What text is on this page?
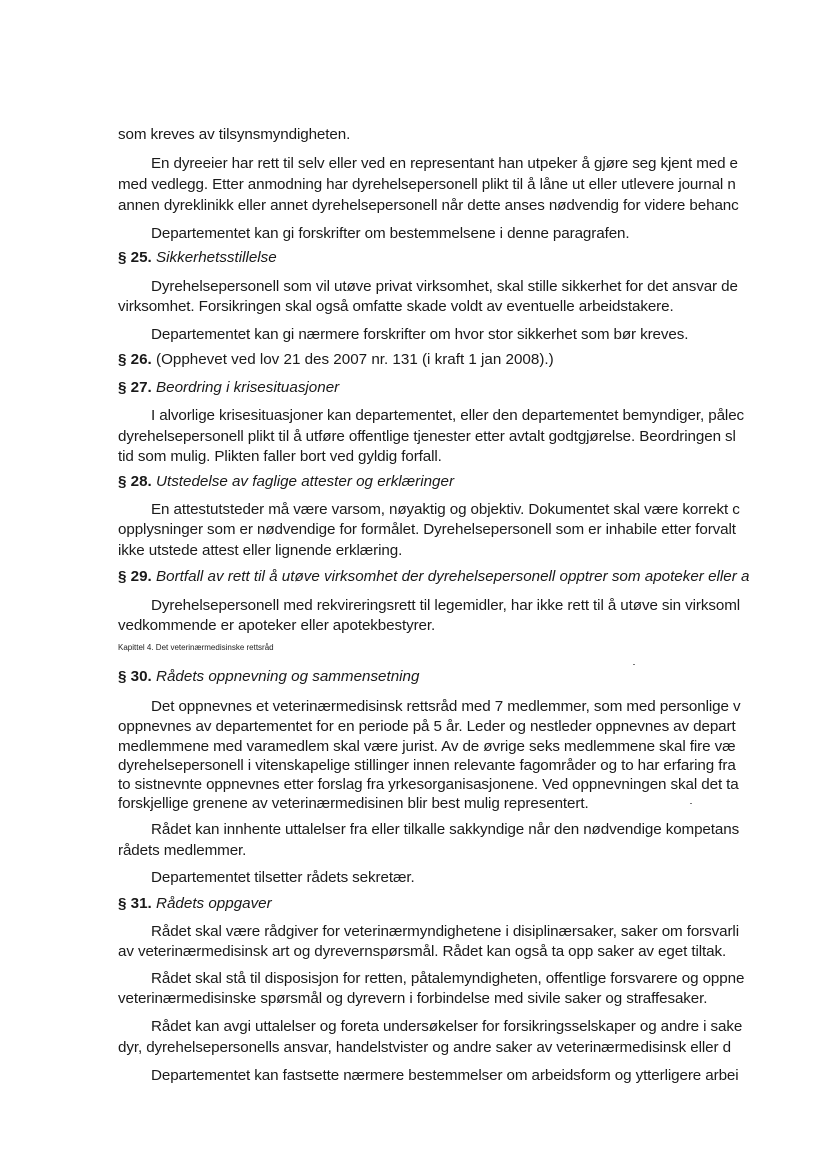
som kreves av tilsynsmyndigheten.
En dyreeier har rett til selv eller ved en representant han utpeker å gjøre seg kjent med e
med vedlegg. Etter anmodning har dyrehelsepersonell plikt til å låne ut eller utlevere journal n
annen dyreklinikk eller annet dyrehelsepersonell når dette anses nødvendig for videre behanc
Departementet kan gi forskrifter om bestemmelsene i denne paragrafen.
§ 25. Sikkerhetsstillelse
Dyrehelsepersonell som vil utøve privat virksomhet, skal stille sikkerhet for det ansvar de
virksomhet. Forsikringen skal også omfatte skade voldt av eventuelle arbeidstakere.
Departementet kan gi nærmere forskrifter om hvor stor sikkerhet som bør kreves.
§ 26. (Opphevet ved lov 21 des 2007 nr. 131 (i kraft 1 jan 2008).)
§ 27. Beordring i krisesituasjoner
I alvorlige krisesituasjoner kan departementet, eller den departementet bemyndiger, pålec
dyrehelsepersonell plikt til å utføre offentlige tjenester etter avtalt godtgjørelse. Beordringen sl
tid som mulig. Plikten faller bort ved gyldig forfall.
§ 28. Utstedelse av faglige attester og erklæringer
En attestutsteder må være varsom, nøyaktig og objektiv. Dokumentet skal være korrekt c
opplysninger som er nødvendige for formålet. Dyrehelsepersonell som er inhabile etter forvalt
ikke utstede attest eller lignende erklæring.
§ 29. Bortfall av rett til å utøve virksomhet der dyrehelsepersonell opptrer som apoteker eller a
Dyrehelsepersonell med rekvireringsrett til legemidler, har ikke rett til å utøve sin virksoml
vedkommende er apoteker eller apotekbestyrer.
Kapittel 4. Det veterinærmedisinske rettsråd
§ 30. Rådets oppnevning og sammensetning
Det oppnevnes et veterinærmedisinsk rettsråd med 7 medlemmer, som med personlige v
oppnevnes av departementet for en periode på 5 år. Leder og nestleder oppnevnes av depart
medlemmene med varamedlem skal være jurist. Av de øvrige seks medlemmene skal fire væ
dyrehelsepersonell i vitenskapelige stillinger innen relevante fagområder og to har erfaring fra
to sistnevnte oppnevnes etter forslag fra yrkesorganisasjonene. Ved oppnevningen skal det ta
forskjellige grenene av veterinærmedisinen blir best mulig representert.
Rådet kan innhente uttalelser fra eller tilkalle sakkyndige når den nødvendige kompetans
rådets medlemmer.
Departementet tilsetter rådets sekretær.
§ 31. Rådets oppgaver
Rådet skal være rådgiver for veterinærmyndighetene i disiplinærsaker, saker om forsvarli
av veterinærmedisinsk art og dyrevernspørsmål. Rådet kan også ta opp saker av eget tiltak.
Rådet skal stå til disposisjon for retten, påtalemyndigheten, offentlige forsvarere og oppne
veterinærmedisinske spørsmål og dyrevern i forbindelse med sivile saker og straffesaker.
Rådet kan avgi uttalelser og foreta undersøkelser for forsikringsselskaper og andre i sake
dyr, dyrehelsepersonells ansvar, handelstvister og andre saker av veterinærmedisinsk eller d
Departementet kan fastsette nærmere bestemmelser om arbeidsform og ytterligere arbei
